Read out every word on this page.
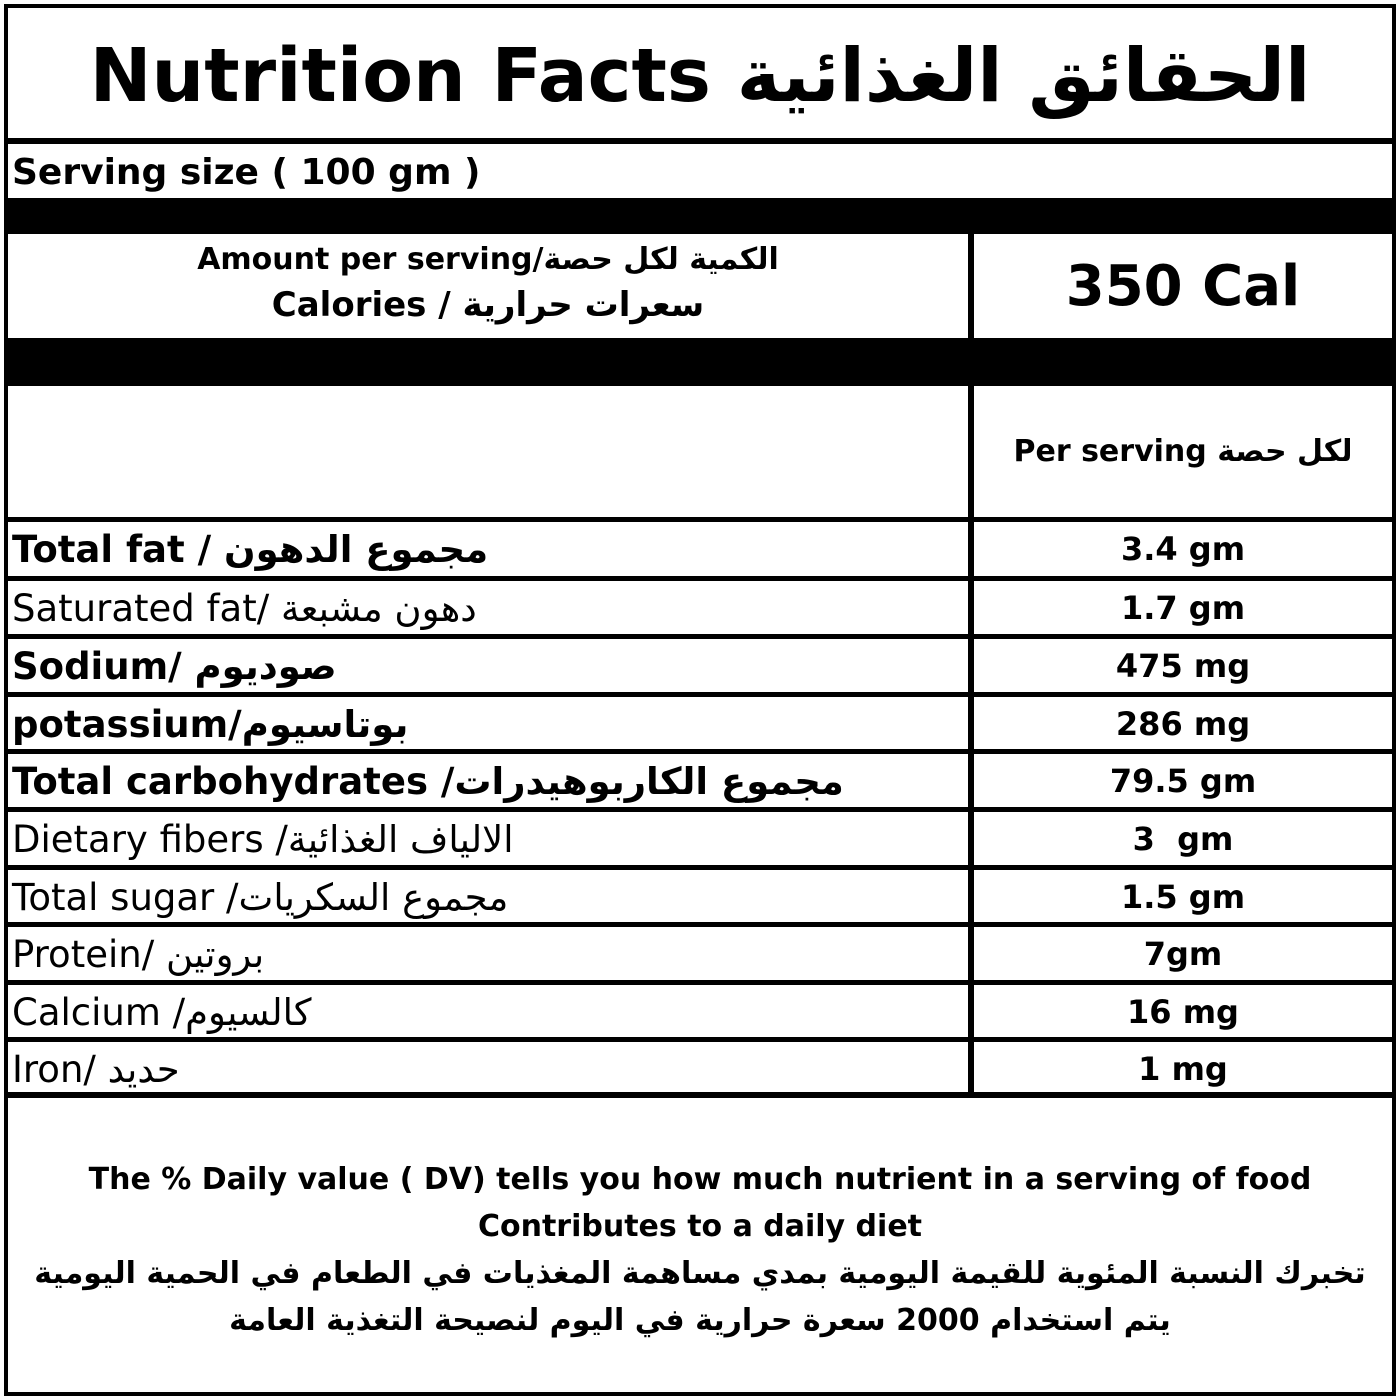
Nutrition Facts الحقائق الغذائية
Serving size ( 100 gm )
Amount per serving/الكمية لكل حصة
Calories / سعرات حرارية	350 Cal
Per serving لكل حصة
Total fat / مجموع الدهون	3.4 gm
Saturated fat/ دهون مشبعة	1.7 gm
Sodium/ صوديوم	475 mg
potassium/بوتاسيوم	286 mg
Total carbohydrates /مجموع الكاربوهيدرات	79.5 gm
Dietary fibers /الالياف الغذائية	3  gm
Total sugar /مجموع السكريات	1.5 gm
Protein/ بروتين	7gm
Calcium /كالسيوم	16 mg
Iron/ حديد	1 mg
The % Daily value ( DV) tells you how much nutrient in a serving of food
Contributes to a daily diet
تخبرك النسبة المئوية للقيمة اليومية بمدي مساهمة المغذيات في الطعام في الحمية اليومية
يتم استخدام 2000 سعرة حرارية في اليوم لنصيحة التغذية العامة
